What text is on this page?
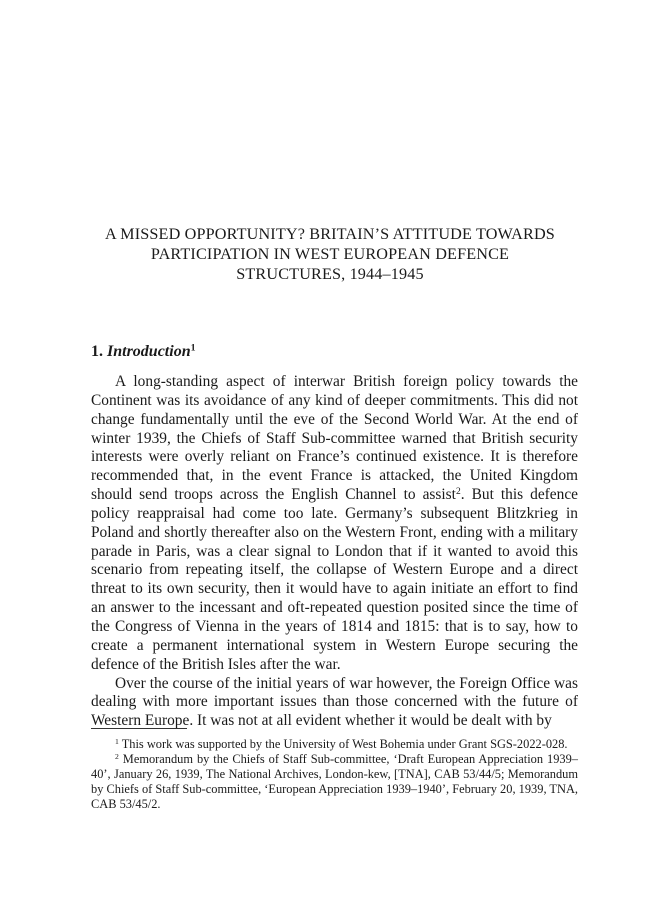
A MISSED OPPORTUNITY? BRITAIN’S ATTITUDE TOWARDS
PARTICIPATION IN WEST EUROPEAN DEFENCE
STRUCTURES, 1944–1945
1. Introduction$^1$

A long-standing aspect of interwar British foreign policy towards the Continent was its avoidance of any kind of deeper commitments. This did not change fundamentally until the eve of the Second World War. At the end of winter 1939, the Chiefs of Staff Sub-committee warned that British security interests were overly reliant on France’s continued existence. It is therefore recommended that, in the event France is attacked, the United Kingdom should send troops across the English Channel to assist$^2$. But this defence policy reappraisal had come too late. Germany’s subsequent Blitzkrieg in Poland and shortly thereafter also on the Western Front, ending with a military parade in Paris, was a clear signal to London that if it wanted to avoid this scenario from repeating itself, the collapse of Western Europe and a direct threat to its own security, then it would have to again initiate an effort to find an answer to the incessant and oft-repeated question posited since the time of the Congress of Vienna in the years of 1814 and 1815: that is to say, how to create a permanent international system in Western Europe securing the defence of the British Isles after the war.

Over the course of the initial years of war however, the Foreign Office was dealing with more important issues than those concerned with the future of Western Europe. It was not at all evident whether it would be dealt with by

$^1$ This work was supported by the University of West Bohemia under Grant SGS-2022-028.

$^2$ Memorandum by the Chiefs of Staff Sub-committee, ‘Draft European Appreciation 1939–40’, January 26, 1939, The National Archives, London-kew, [TNA], CAB 53/44/5; Memorandum by Chiefs of Staff Sub-committee, ‘European Appreciation 1939–1940’, February 20, 1939, TNA, CAB 53/45/2.
